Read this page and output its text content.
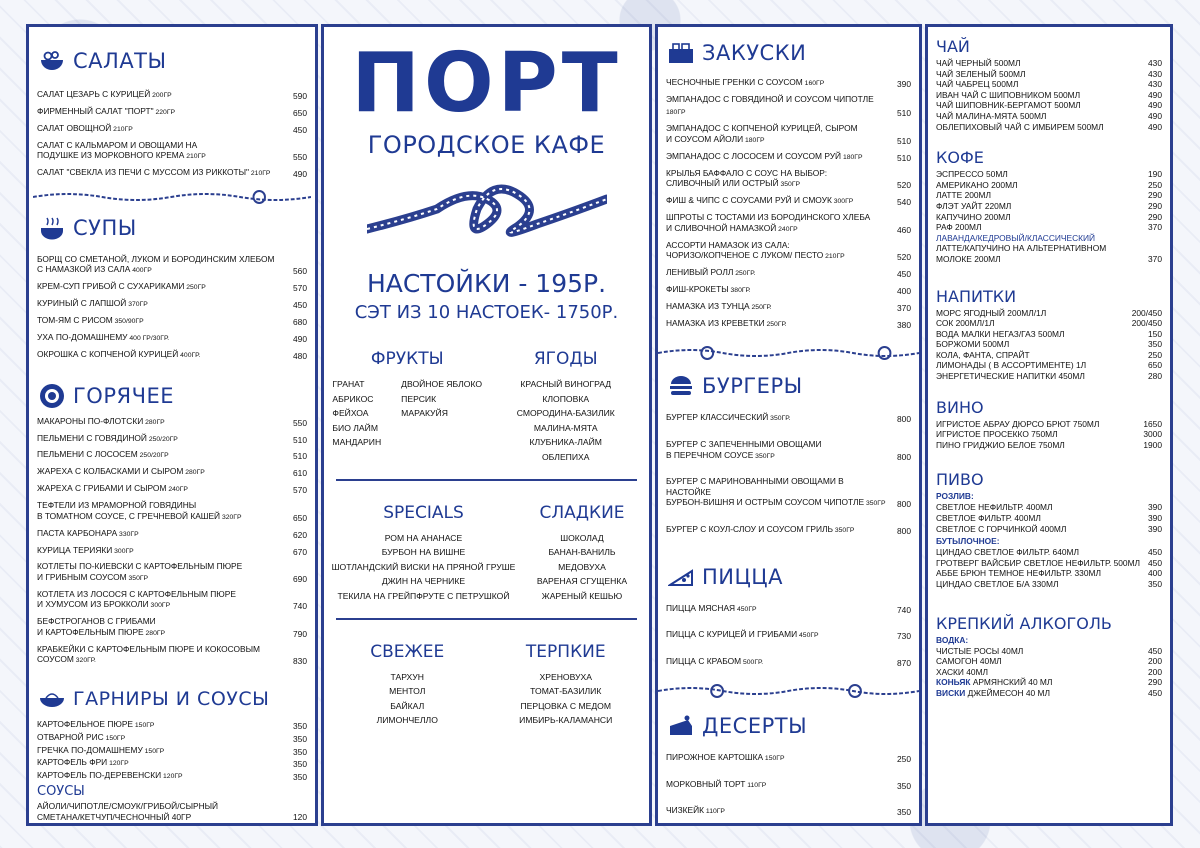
САЛАТЫ
САЛАТ ЦЕЗАРЬ С КУРИЦЕЙ 200ГР	590
ФИРМЕННЫЙ САЛАТ "ПОРТ" 220ГР	650
САЛАТ ОВОЩНОЙ 210ГР	450
САЛАТ С КАЛЬМАРОМ И ОВОЩАМИ НА
ПОДУШКЕ ИЗ МОРКОВНОГО КРЕМА 210ГР	550
САЛАТ "СВЕКЛА ИЗ ПЕЧИ С МУССОМ ИЗ РИККОТЫ" 210ГР	490
СУПЫ
БОРЩ СО СМЕТАНОЙ, ЛУКОМ И БОРОДИНСКИМ ХЛЕБОМ
С НАМАЗКОЙ ИЗ САЛА 400ГР	560
КРЕМ-СУП ГРИБОЙ С СУХАРИКАМИ 250ГР	570
КУРИНЫЙ С ЛАПШОЙ 370ГР	450
ТОМ-ЯМ С РИСОМ 350/90ГР	680
УХА ПО-ДОМАШНЕМУ 400 ГР/30ГР.	490
ОКРОШКА С КОПЧЕНОЙ КУРИЦЕЙ 400ГР.	480
ГОРЯЧЕЕ
МАКАРОНЫ ПО-ФЛОТСКИ 280ГР	550
ПЕЛЬМЕНИ С ГОВЯДИНОЙ 250/20ГР	510
ПЕЛЬМЕНИ С ЛОСОСЕМ 250/20ГР	510
ЖАРЕХА С КОЛБАСКАМИ И СЫРОМ 280ГР	610
ЖАРЕХА С ГРИБАМИ И СЫРОМ 240ГР	570
ТЕФТЕЛИ ИЗ МРАМОРНОЙ ГОВЯДИНЫ
В ТОМАТНОМ СОУСЕ, С ГРЕЧНЕВОЙ КАШЕЙ 320ГР	650
ПАСТА КАРБОНАРА 330ГР	620
КУРИЦА ТЕРИЯКИ 300ГР	670
КОТЛЕТЫ ПО-КИЕВСКИ С КАРТОФЕЛЬНЫМ ПЮРЕ
И ГРИБНЫМ СОУСОМ 350ГР	690
КОТЛЕТА ИЗ ЛОСОСЯ С КАРТОФЕЛЬНЫМ ПЮРЕ
И ХУМУСОМ ИЗ БРОККОЛИ 300ГР	740
БЕФСТРОГАНОВ С ГРИБАМИ
И КАРТОФЕЛЬНЫМ ПЮРЕ 280ГР	790
КРАБКЕЙКИ С КАРТОФЕЛЬНЫМ ПЮРЕ И КОКОСОВЫМ СОУСОМ 320ГР.	830
ГАРНИРЫ И СОУСЫ
КАРТОФЕЛЬНОЕ ПЮРЕ 150ГР	350
ОТВАРНОЙ РИС 150ГР	350
ГРЕЧКА ПО-ДОМАШНЕМУ 150ГР	350
КАРТОФЕЛЬ ФРИ 120ГР	350
КАРТОФЕЛЬ ПО-ДЕРЕВЕНСКИ 120ГР	350
СОУСЫ
АЙОЛИ/ЧИПОТЛЕ/СМОУК/ГРИБОЙ/СЫРНЫЙ
СМЕТАНА/КЕТЧУП/ЧЕСНОЧНЫЙ 40ГР	120
ПОРТ
ГОРОДСКОЕ КАФЕ
НАСТОЙКИ - 195Р.
СЭТ ИЗ 10 НАСТОЕК- 1750Р.
ФРУКТЫ
ГРАНАТ
АБРИКОС
ФЕЙХОА
БИО ЛАЙМ
МАНДАРИН
ДВОЙНОЕ ЯБЛОКО
ПЕРСИК
МАРАКУЙЯ
ЯГОДЫ
КРАСНЫЙ ВИНОГРАД
КЛОПОВКА
СМОРОДИНА-БАЗИЛИК
МАЛИНА-МЯТА
КЛУБНИКА-ЛАЙМ
ОБЛЕПИХА
SPECIALS
РОМ НА АНАНАСЕ
БУРБОН НА ВИШНЕ
ШОТЛАНДСКИЙ ВИСКИ НА ПРЯНОЙ ГРУШЕ
ДЖИН НА ЧЕРНИКЕ
ТЕКИЛА НА ГРЕЙПФРУТЕ С ПЕТРУШКОЙ
СЛАДКИЕ
ШОКОЛАД
БАНАН-ВАНИЛЬ
МЕДОВУХА
ВАРЕНАЯ СГУЩЕНКА
ЖАРЕНЫЙ КЕШЬЮ
СВЕЖЕЕ
ТАРХУН
МЕНТОЛ
БАЙКАЛ
ЛИМОНЧЕЛЛО
ТЕРПКИЕ
ХРЕНОВУХА
ТОМАТ-БАЗИЛИК
ПЕРЦОВКА С МЕДОМ
ИМБИРЬ-КАЛАМАНСИ
ЗАКУСКИ
ЧЕСНОЧНЫЕ ГРЕНКИ С СОУСОМ 160ГР	390
ЭМПАНАДОС С ГОВЯДИНОЙ И СОУСОМ ЧИПОТЛЕ 180ГР	510
ЭМПАНАДОС С КОПЧЕНОЙ КУРИЦЕЙ, СЫРОМ
И СОУСОМ АЙОЛИ 180ГР	510
ЭМПАНАДОС С ЛОСОСЕМ И СОУСОМ РУЙ 180ГР	510
КРЫЛЬЯ БАФФАЛО С СОУС НА ВЫБОР:
СЛИВОЧНЫЙ ИЛИ ОСТРЫЙ 350ГР	520
ФИШ & ЧИПС С СОУСАМИ РУЙ И СМОУК 300ГР	540
ШПРОТЫ С ТОСТАМИ ИЗ БОРОДИНСКОГО ХЛЕБА
И СЛИВОЧНОЙ НАМАЗКОЙ 240ГР	460
АССОРТИ НАМАЗОК ИЗ САЛА:
ЧОРИЗО/КОПЧЕНОЕ С ЛУКОМ/ ПЕСТО 210ГР	520
ЛЕНИВЫЙ РОЛЛ 250ГР.	450
ФИШ-КРОКЕТЫ 380ГР.	400
НАМАЗКА ИЗ ТУНЦА 250ГР.	370
НАМАЗКА ИЗ КРЕВЕТКИ 250ГР.	380
БУРГЕРЫ
БУРГЕР КЛАССИЧЕСКИЙ 350ГР.	800
БУРГЕР С ЗАПЕЧЕННЫМИ ОВОЩАМИ
В ПЕРЕЧНОМ СОУСЕ 350ГР	800
БУРГЕР С МАРИНОВАННЫМИ ОВОЩАМИ В НАСТОЙКЕ
БУРБОН-ВИШНЯ И ОСТРЫМ СОУСОМ ЧИПОТЛЕ 350ГР	800
БУРГЕР С КОУЛ-СЛОУ И СОУСОМ ГРИЛЬ 350ГР	800
ПИЦЦА
ПИЦЦА МЯСНАЯ 450ГР	740
ПИЦЦА С КУРИЦЕЙ И ГРИБАМИ 450ГР	730
ПИЦЦА С КРАБОМ 500ГР.	870
ДЕСЕРТЫ
ПИРОЖНОЕ КАРТОШКА 150ГР	250
МОРКОВНЫЙ ТОРТ 110ГР	350
ЧИЗКЕЙК 110ГР	350
ЧАЙ
ЧАЙ ЧЕРНЫЙ 500МЛ	430
ЧАЙ ЗЕЛЕНЫЙ 500МЛ	430
ЧАЙ ЧАБРЕЦ 500МЛ	430
ИВАН ЧАЙ С ШИПОВНИКОМ 500МЛ	490
ЧАЙ ШИПОВНИК-БЕРГАМОТ 500МЛ	490
ЧАЙ МАЛИНА-МЯТА 500МЛ	490
ОБЛЕПИХОВЫЙ ЧАЙ С ИМБИРЕМ 500МЛ	490
КОФЕ
ЭСПРЕССО 50МЛ	190
АМЕРИКАНО 200МЛ	250
ЛАТТЕ 200МЛ	290
ФЛЭТ УАЙТ 220МЛ	290
КАПУЧИНО 200МЛ	290
РАФ 200МЛ	370
ЛАВАНДА/КЕДРОВЫЙ/КЛАССИЧЕСКИЙ
ЛАТТЕ/КАПУЧИНО НА АЛЬТЕРНАТИВНОМ
МОЛОКЕ 200МЛ	370
НАПИТКИ
МОРС ЯГОДНЫЙ 200МЛ/1Л	200/450
СОК 200МЛ/1Л	200/450
ВОДА МАЛКИ НЕГАЗ/ГАЗ 500МЛ	150
БОРЖОМИ 500МЛ	350
КОЛА, ФАНТА, СПРАЙТ	250
ЛИМОНАДЫ ( В АССОРТИМЕНТЕ) 1Л	650
ЭНЕРГЕТИЧЕСКИЕ НАПИТКИ 450МЛ	280
ВИНО
ИГРИСТОЕ АБРАУ ДЮРСО БРЮТ 750МЛ	1650
ИГРИСТОЕ ПРОСЕККО 750МЛ	3000
ПИНО ГРИДЖИО БЕЛОЕ 750МЛ	1900
ПИВО
РОЗЛИВ:
СВЕТЛОЕ НЕФИЛЬТР. 400МЛ	390
СВЕТЛОЕ ФИЛЬТР. 400МЛ	390
СВЕТЛОЕ С ГОРЧИНКОЙ 400МЛ	390
БУТЫЛОЧНОЕ:
ЦИНДАО СВЕТЛОЕ ФИЛЬТР. 640МЛ	450
ГРОТВЕРГ ВАЙСБИР СВЕТЛОЕ НЕФИЛЬТР. 500МЛ 450
АББЕ БРЮН ТЕМНОЕ НЕФИЛЬТР. 330МЛ	400
ЦИНДАО СВЕТЛОЕ Б/А 330МЛ	350
КРЕПКИЙ АЛКОГОЛЬ
ВОДКА:
ЧИСТЫЕ РОСЫ 40МЛ	450
САМОГОН 40МЛ	200
ХАСКИ 40МЛ	200
КОНЬЯК АРМЯНСКИЙ 40 МЛ	290
ВИСКИ ДЖЕЙМЕСОН 40 МЛ	450
